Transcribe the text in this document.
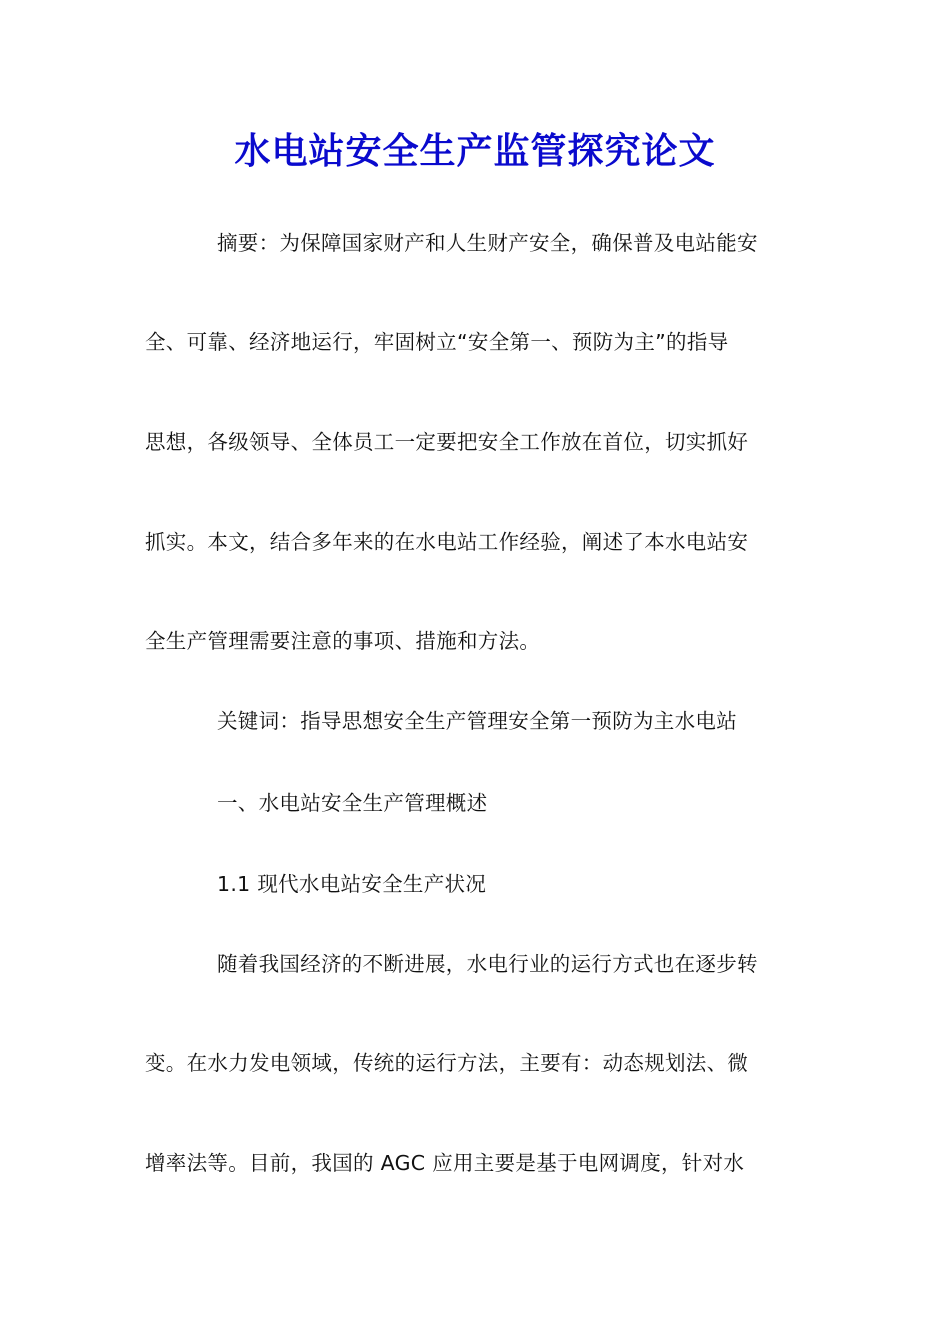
水电站安全生产监管探究论文
摘要：为保障国家财产和人生财产安全，确保普及电站能安
全、可靠、经济地运行，牢固树立“安全第一、预防为主”的指导
思想，各级领导、全体员工一定要把安全工作放在首位，切实抓好
抓实。本文，结合多年来的在水电站工作经验，阐述了本水电站安
全生产管理需要注意的事项、措施和方法。
关键词：指导思想安全生产管理安全第一预防为主水电站
一、水电站安全生产管理概述
1.1 现代水电站安全生产状况
随着我国经济的不断进展，水电行业的运行方式也在逐步转
变。在水力发电领域，传统的运行方法，主要有：动态规划法、微
增率法等。目前，我国的 AGC 应用主要是基于电网调度，针对水
